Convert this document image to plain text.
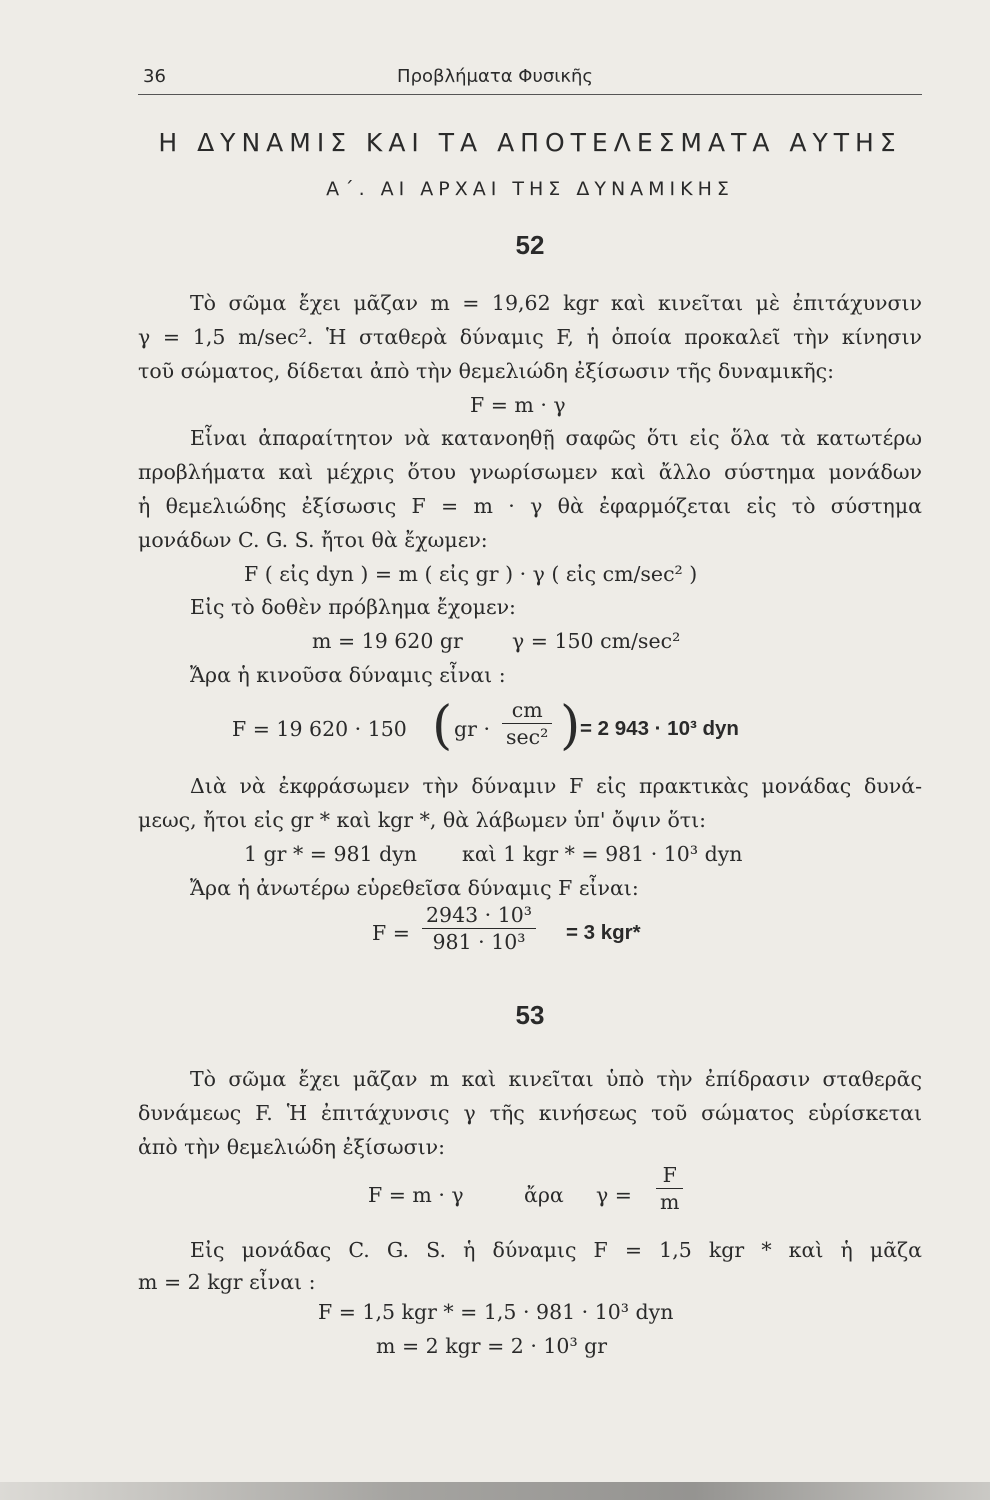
36	Προβλήματα Φυσικῆς
Η ΔΥΝΑΜΙΣ ΚΑΙ ΤΑ ΑΠΟΤΕΛΕΣΜΑΤΑ ΑΥΤΗΣ
Α΄. ΑΙ ΑΡΧΑΙ ΤΗΣ ΔΥΝΑΜΙΚΗΣ
52
Τὸ σῶμα ἔχει μᾶζαν m = 19,62 kgr καὶ κινεῖται μὲ ἐπιτάχυνσιν
γ = 1,5 m/sec². Ἡ σταθερὰ δύναμις F, ἡ ὁποία προκαλεῖ τὴν κίνησιν
τοῦ σώματος, δίδεται ἀπὸ τὴν θεμελιώδη ἐξίσωσιν τῆς δυναμικῆς:
F = m · γ
Εἶναι ἀπαραίτητον νὰ κατανοηθῇ σαφῶς ὅτι εἰς ὅλα τὰ κατωτέρω
προβλήματα καὶ μέχρις ὅτου γνωρίσωμεν καὶ ἄλλο σύστημα μονάδων
ἡ θεμελιώδης ἐξίσωσις F = m · γ θὰ ἐφαρμόζεται εἰς τὸ σύστημα
μονάδων C. G. S. ἤτοι θὰ ἔχωμεν:
F ( εἰς dyn ) = m ( εἰς gr ) · γ ( εἰς cm/sec² )
Εἰς τὸ δοθὲν πρόβλημα ἔχομεν:
m = 19 620 gr γ = 150 cm/sec²
Ἄρα ἡ κινοῦσα δύναμις εἶναι :
F = 19 620 · 150 ( gr ·
cm
sec² ) = 2 943 · 10³ dyn
Διὰ νὰ ἐκφράσωμεν τὴν δύναμιν F εἰς πρακτικὰς μονάδας δυνά-
μεως, ἤτοι εἰς gr * καὶ kgr *, θὰ λάβωμεν ὑπ' ὄψιν ὅτι:
1 gr * = 981 dyn καὶ 1 kgr * = 981 · 10³ dyn
Ἄρα ἡ ἀνωτέρω εὑρεθεῖσα δύναμις F εἶναι:
$F = \frac{\text{2943 · 10³}}{\text{981 · 10³}} = 3$ kgr*
53
Τὸ σῶμα ἔχει μᾶζαν m καὶ κινεῖται ὑπὸ τὴν ἐπίδρασιν σταθερᾶς
δυνάμεως F. Ἡ ἐπιτάχυνσις γ τῆς κινήσεως τοῦ σώματος εὑρίσκεται
ἀπὸ τὴν θεμελιώδη ἐξίσωσιν:
F = m · γ	ἄρα $\gamma = \frac{F}{m}$
Εἰς μονάδας C. G. S. ἡ δύναμις F = 1,5 kgr * καὶ ἡ μᾶζα
m = 2 kgr εἶναι :
F = 1,5 kgr * = 1,5 · 981 · 10³ dyn
m = 2 kgr = 2 · 10³ gr
